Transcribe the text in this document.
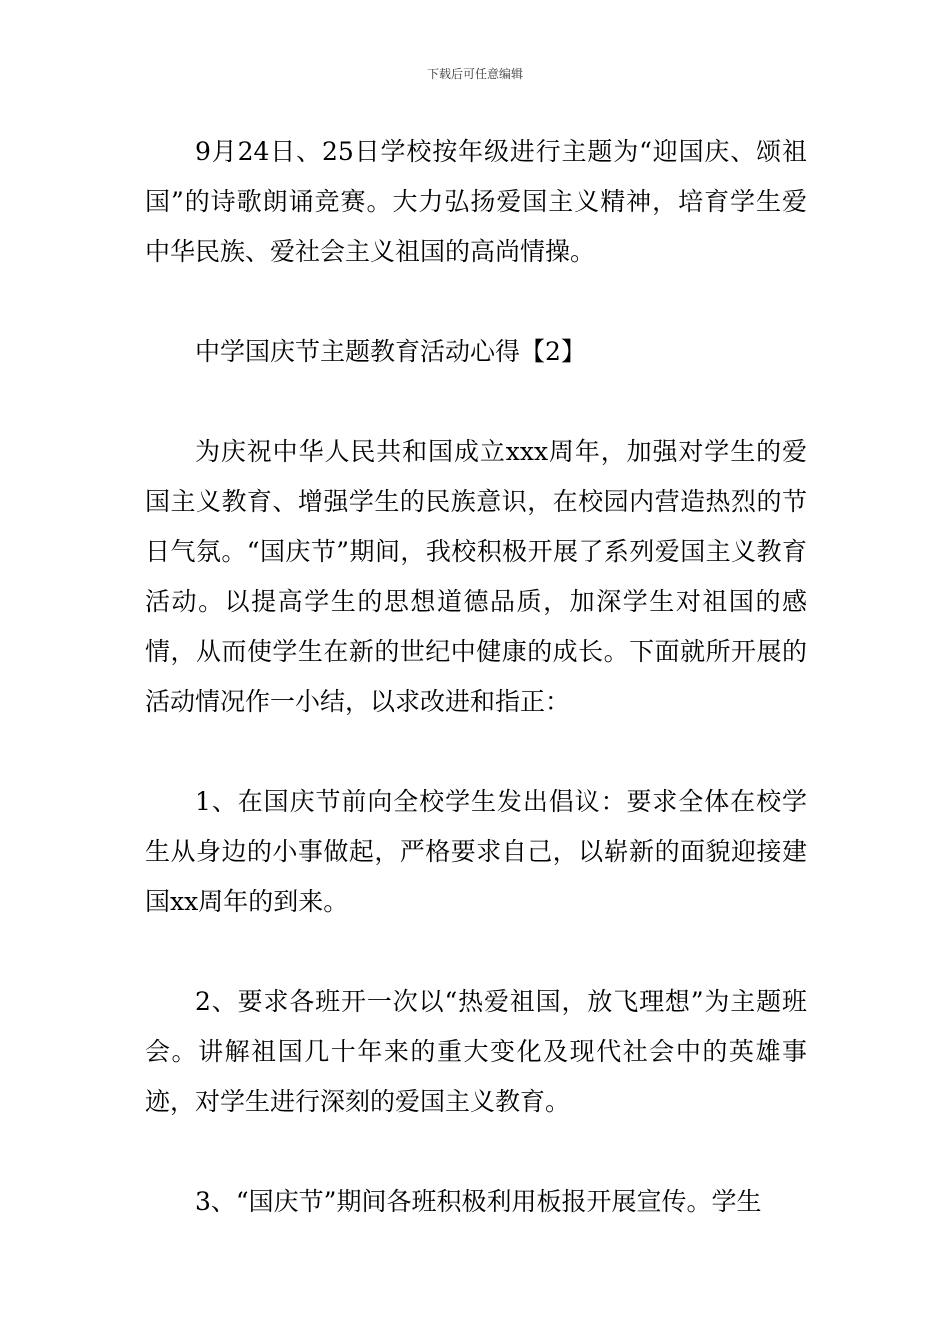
下载后可任意编辑

9月24日、25日学校按年级进行主题为“迎国庆、颂祖国”的诗歌朗诵竞赛。大力弘扬爱国主义精神，培育学生爱中华民族、爱社会主义祖国的高尚情操。

中学国庆节主题教育活动心得【2】

为庆祝中华人民共和国成立xxx周年，加强对学生的爱国主义教育、增强学生的民族意识，在校园内营造热烈的节日气氛。“国庆节”期间，我校积极开展了系列爱国主义教育活动。以提高学生的思想道德品质，加深学生对祖国的感情，从而使学生在新的世纪中健康的成长。下面就所开展的活动情况作一小结，以求改进和指正：

1、在国庆节前向全校学生发出倡议：要求全体在校学生从身边的小事做起，严格要求自己，以崭新的面貌迎接建国xx周年的到来。

2、要求各班开一次以“热爱祖国，放飞理想”为主题班会。讲解祖国几十年来的重大变化及现代社会中的英雄事迹，对学生进行深刻的爱国主义教育。

3、“国庆节”期间各班积极利用板报开展宣传。学生
